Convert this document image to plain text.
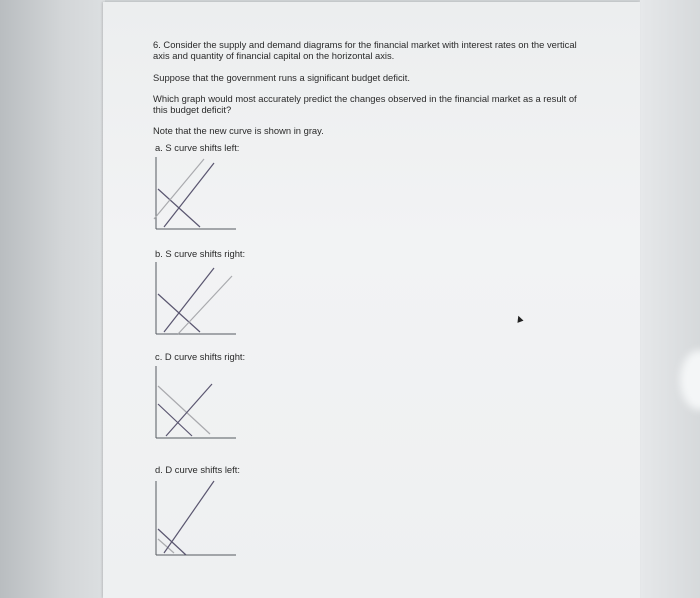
6. Consider the supply and demand diagrams for the financial market with interest rates on the vertical axis and quantity of financial capital on the horizontal axis.
Suppose that the government runs a significant budget deficit.
Which graph would most accurately predict the changes observed in the financial market as a result of this budget deficit?
Note that the new curve is shown in gray.
a. S curve shifts left:
b. S curve shifts right:
c. D curve shifts right:
d. D curve shifts left:
▲
